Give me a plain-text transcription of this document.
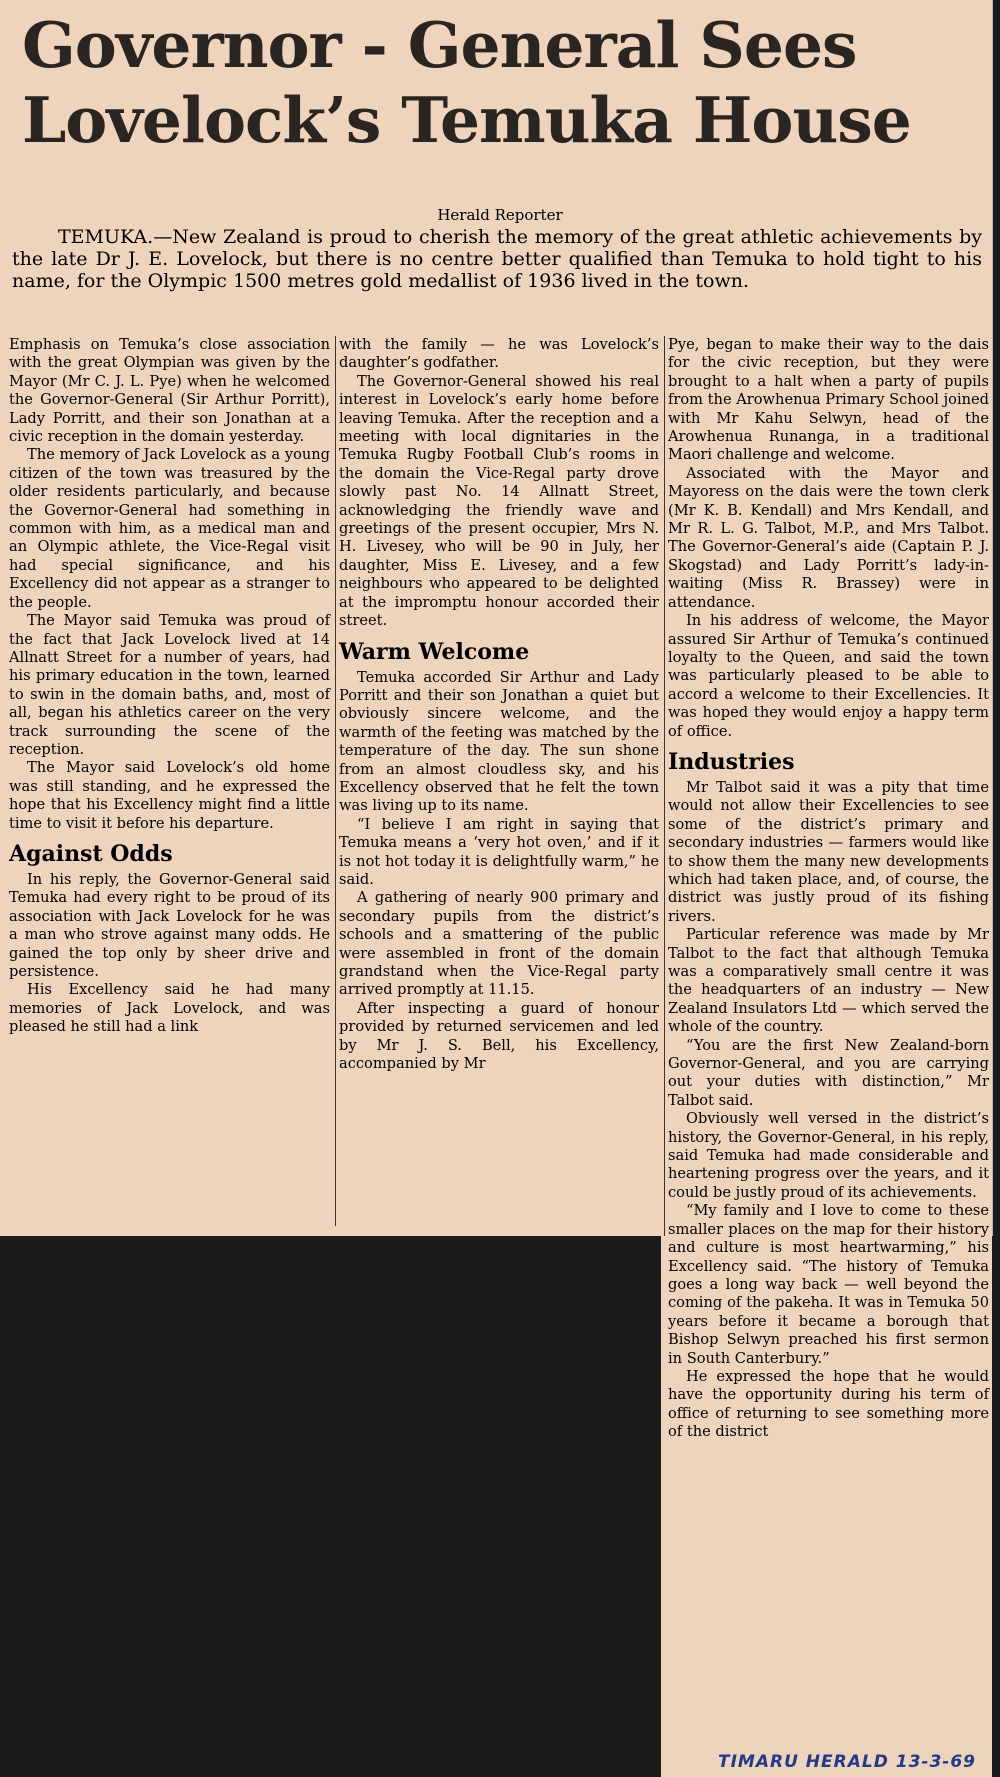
Governor - General Sees Lovelock’s Temuka House
Herald Reporter

TEMUKA.—New Zealand is proud to cherish the memory of the great athletic achievements by the late Dr J. E. Lovelock, but there is no centre better qualified than Temuka to hold tight to his name, for the Olympic 1500 metres gold medallist of 1936 lived in the town.

Emphasis on Temuka’s close association with the great Olympian was given by the Mayor (Mr C. J. L. Pye) when he welcomed the Governor-General (Sir Arthur Porritt), Lady Porritt, and their son Jonathan at a civic reception in the domain yesterday.

The memory of Jack Lovelock as a young citizen of the town was treasured by the older residents particularly, and because the Governor-General had something in common with him, as a medical man and an Olympic athlete, the Vice-Regal visit had special significance, and his Excellency did not appear as a stranger to the people.

The Mayor said Temuka was proud of the fact that Jack Lovelock lived at 14 Allnatt Street for a number of years, had his primary education in the town, learned to swin in the domain baths, and, most of all, began his athletics career on the very track surrounding the scene of the reception.

The Mayor said Lovelock’s old home was still standing, and he expressed the hope that his Excellency might find a little time to visit it before his departure.

Against Odds

In his reply, the Governor-General said Temuka had every right to be proud of its association with Jack Lovelock for he was a man who strove against many odds. He gained the top only by sheer drive and persistence.

His Excellency said he had many memories of Jack Lovelock, and was pleased he still had a link

with the family — he was Lovelock’s daughter’s godfather.

The Governor-General showed his real interest in Lovelock’s early home before leaving Temuka. After the reception and a meeting with local dignitaries in the Temuka Rugby Football Club’s rooms in the domain the Vice-Regal party drove slowly past No. 14 Allnatt Street, acknowledging the friendly wave and greetings of the present occupier, Mrs N. H. Livesey, who will be 90 in July, her daughter, Miss E. Livesey, and a few neighbours who appeared to be delighted at the impromptu honour accorded their street.

Warm Welcome

Temuka accorded Sir Arthur and Lady Porritt and their son Jonathan a quiet but obviously sincere welcome, and the warmth of the feeting was matched by the temperature of the day. The sun shone from an almost cloudless sky, and his Excellency observed that he felt the town was living up to its name.

“I believe I am right in saying that Temuka means a ‘very hot oven,’ and if it is not hot today it is delightfully warm,” he said.

A gathering of nearly 900 primary and secondary pupils from the district’s schools and a smattering of the public were assembled in front of the domain grandstand when the Vice-Regal party arrived promptly at 11.15.

After inspecting a guard of honour provided by returned servicemen and led by Mr J. S. Bell, his Excellency, accompanied by Mr

Pye, began to make their way to the dais for the civic reception, but they were brought to a halt when a party of pupils from the Arowhenua Primary School joined with Mr Kahu Selwyn, head of the Arowhenua Runanga, in a traditional Maori challenge and welcome.

Associated with the Mayor and Mayoress on the dais were the town clerk (Mr K. B. Kendall) and Mrs Kendall, and Mr R. L. G. Talbot, M.P., and Mrs Talbot. The Governor-General’s aide (Captain P. J. Skogstad) and Lady Porritt’s lady-in-waiting (Miss R. Brassey) were in attendance.

In his address of welcome, the Mayor assured Sir Arthur of Temuka’s continued loyalty to the Queen, and said the town was particularly pleased to be able to accord a welcome to their Excellencies. It was hoped they would enjoy a happy term of office.

Industries

Mr Talbot said it was a pity that time would not allow their Excellencies to see some of the district’s primary and secondary industries — farmers would like to show them the many new developments which had taken place, and, of course, the district was justly proud of its fishing rivers.

Particular reference was made by Mr Talbot to the fact that although Temuka was a comparatively small centre it was the headquarters of an industry — New Zealand Insulators Ltd — which served the whole of the country.

“You are the first New Zealand-born Governor-General, and you are carrying out your duties with distinction,” Mr Talbot said.

Obviously well versed in the district’s history, the Governor-General, in his reply, said Temuka had made considerable and heartening progress over the years, and it could be justly proud of its achievements.

“My family and I love to come to these smaller places on the map for their history and culture is most heartwarming,” his Excellency said. “The history of Temuka goes a long way back — well beyond the coming of the pakeha. It was in Temuka 50 years before it became a borough that Bishop Selwyn preached his first sermon in South Canterbury.”

He expressed the hope that he would have the opportunity during his term of office of returning to see something more of the district

TIMARU HERALD 13-3-69
